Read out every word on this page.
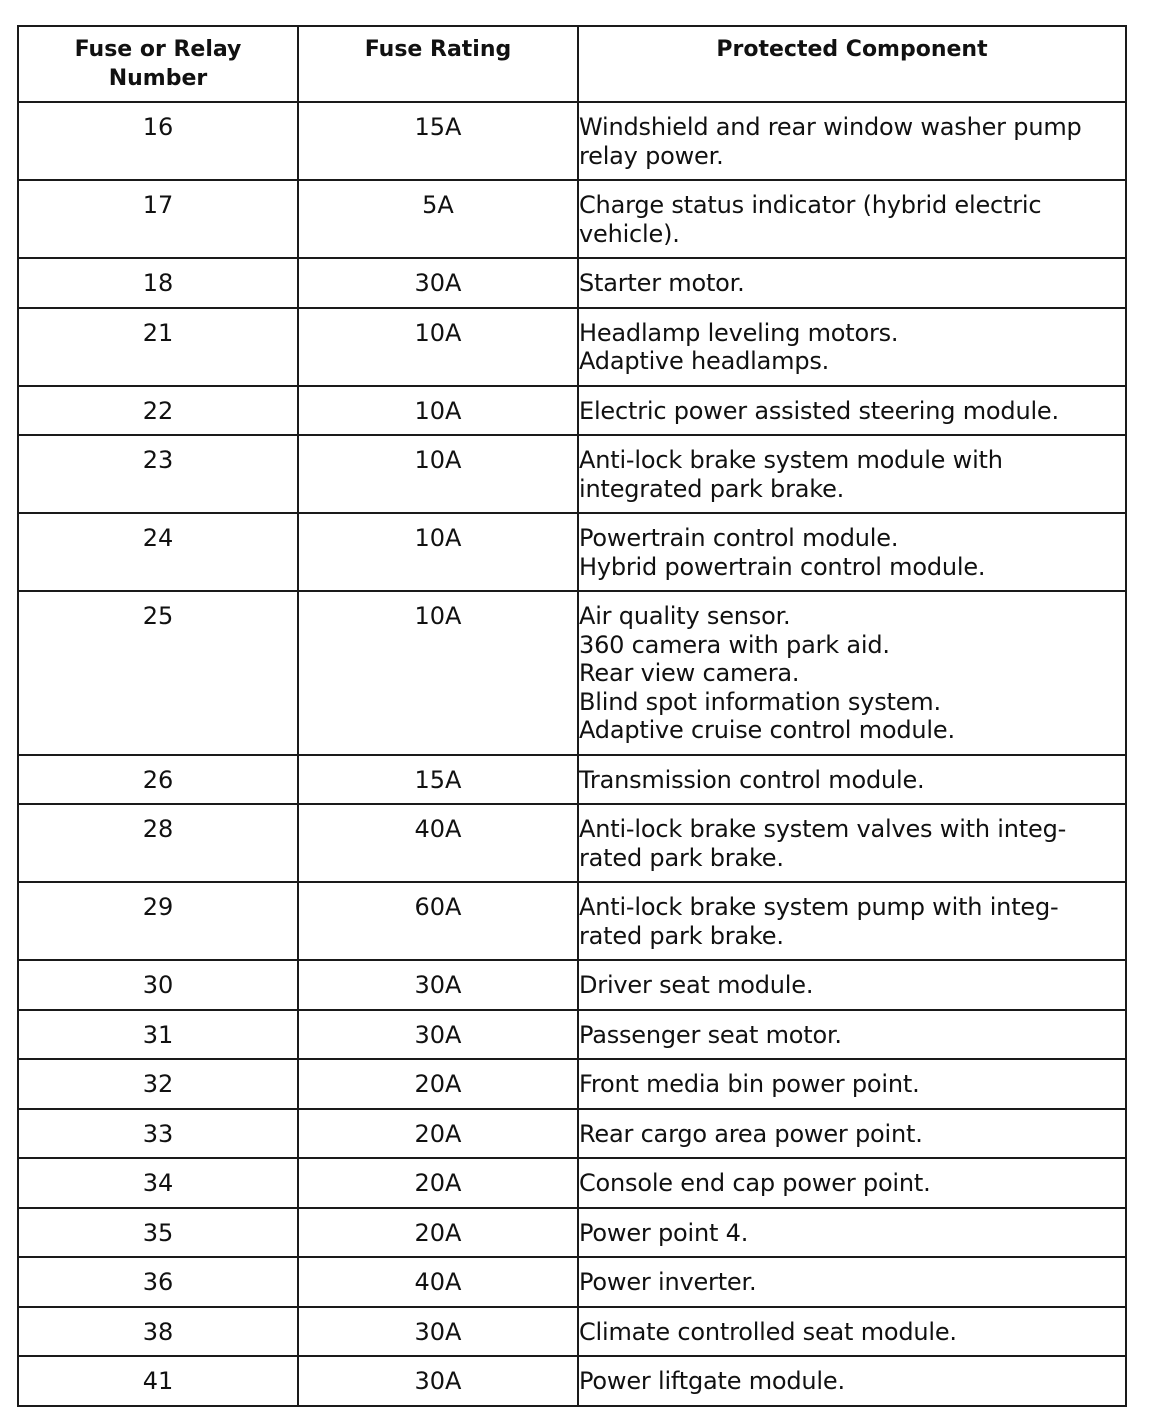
Fuse or Relay
Number	Fuse Rating	Protected Component
16	15A	Windshield and rear window washer pump relay power.

17	5A	Charge status indicator (hybrid electric vehicle).

18	30A	Starter motor.

21	10A	Headlamp leveling motors.
Adaptive headlamps.

22	10A	Electric power assisted steering module.

23	10A	Anti-lock brake system module with integrated park brake.

24	10A	Powertrain control module.
Hybrid powertrain control module.

25	10A	Air quality sensor.
360 camera with park aid.
Rear view camera.
Blind spot information system.
Adaptive cruise control module.

26	15A	Transmission control module.

28	40A	Anti-lock brake system valves with integ-
rated park brake.

29	60A	Anti-lock brake system pump with integ-
rated park brake.

30	30A	Driver seat module.

31	30A	Passenger seat motor.

32	20A	Front media bin power point.

33	20A	Rear cargo area power point.

34	20A	Console end cap power point.

35	20A	Power point 4.

36	40A	Power inverter.

38	30A	Climate controlled seat module.

41	30A	Power liftgate module.
